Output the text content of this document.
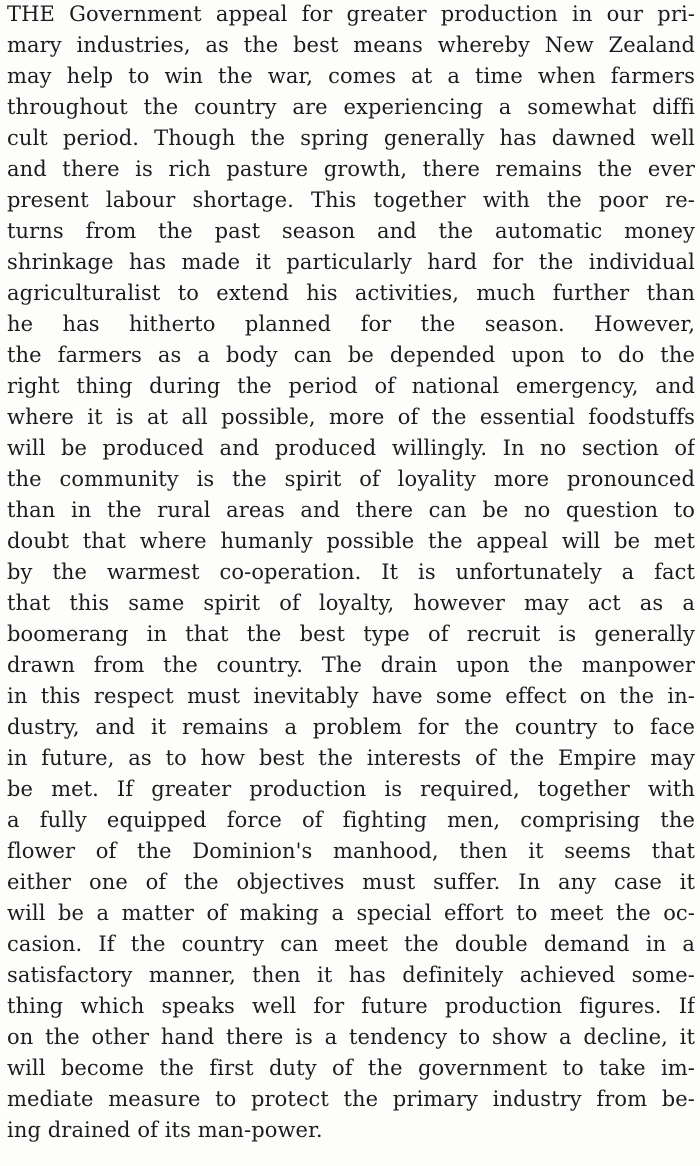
THE Government appeal for greater production in our pri-
mary industries, as the best means whereby New Zealand
may help to win the war, comes at a time when farmers
throughout the country are experiencing a somewhat diffi
cult period. Though the spring generally has dawned well
and there is rich pasture growth, there remains the ever
present labour shortage. This together with the poor re-
turns from the past season and the automatic money
shrinkage has made it particularly hard for the individual
agriculturalist to extend his activities, much further than
he has hitherto planned for the season. However,
the farmers as a body can be depended upon to do the
right thing during the period of national emergency, and
where it is at all possible, more of the essential foodstuffs
will be produced and produced willingly. In no section of
the community is the spirit of loyality more pronounced
than in the rural areas and there can be no question to
doubt that where humanly possible the appeal will be met
by the warmest co-operation. It is unfortunately a fact
that this same spirit of loyalty, however may act as a
boomerang in that the best type of recruit is generally
drawn from the country. The drain upon the manpower
in this respect must inevitably have some effect on the in-
dustry, and it remains a problem for the country to face
in future, as to how best the interests of the Empire may
be met. If greater production is required, together with
a fully equipped force of fighting men, comprising the
flower of the Dominion's manhood, then it seems that
either one of the objectives must suffer. In any case it
will be a matter of making a special effort to meet the oc-
casion. If the country can meet the double demand in a
satisfactory manner, then it has definitely achieved some-
thing which speaks well for future production figures. If
on the other hand there is a tendency to show a decline, it
will become the first duty of the government to take im-
mediate measure to protect the primary industry from be-
ing drained of its man-power.
